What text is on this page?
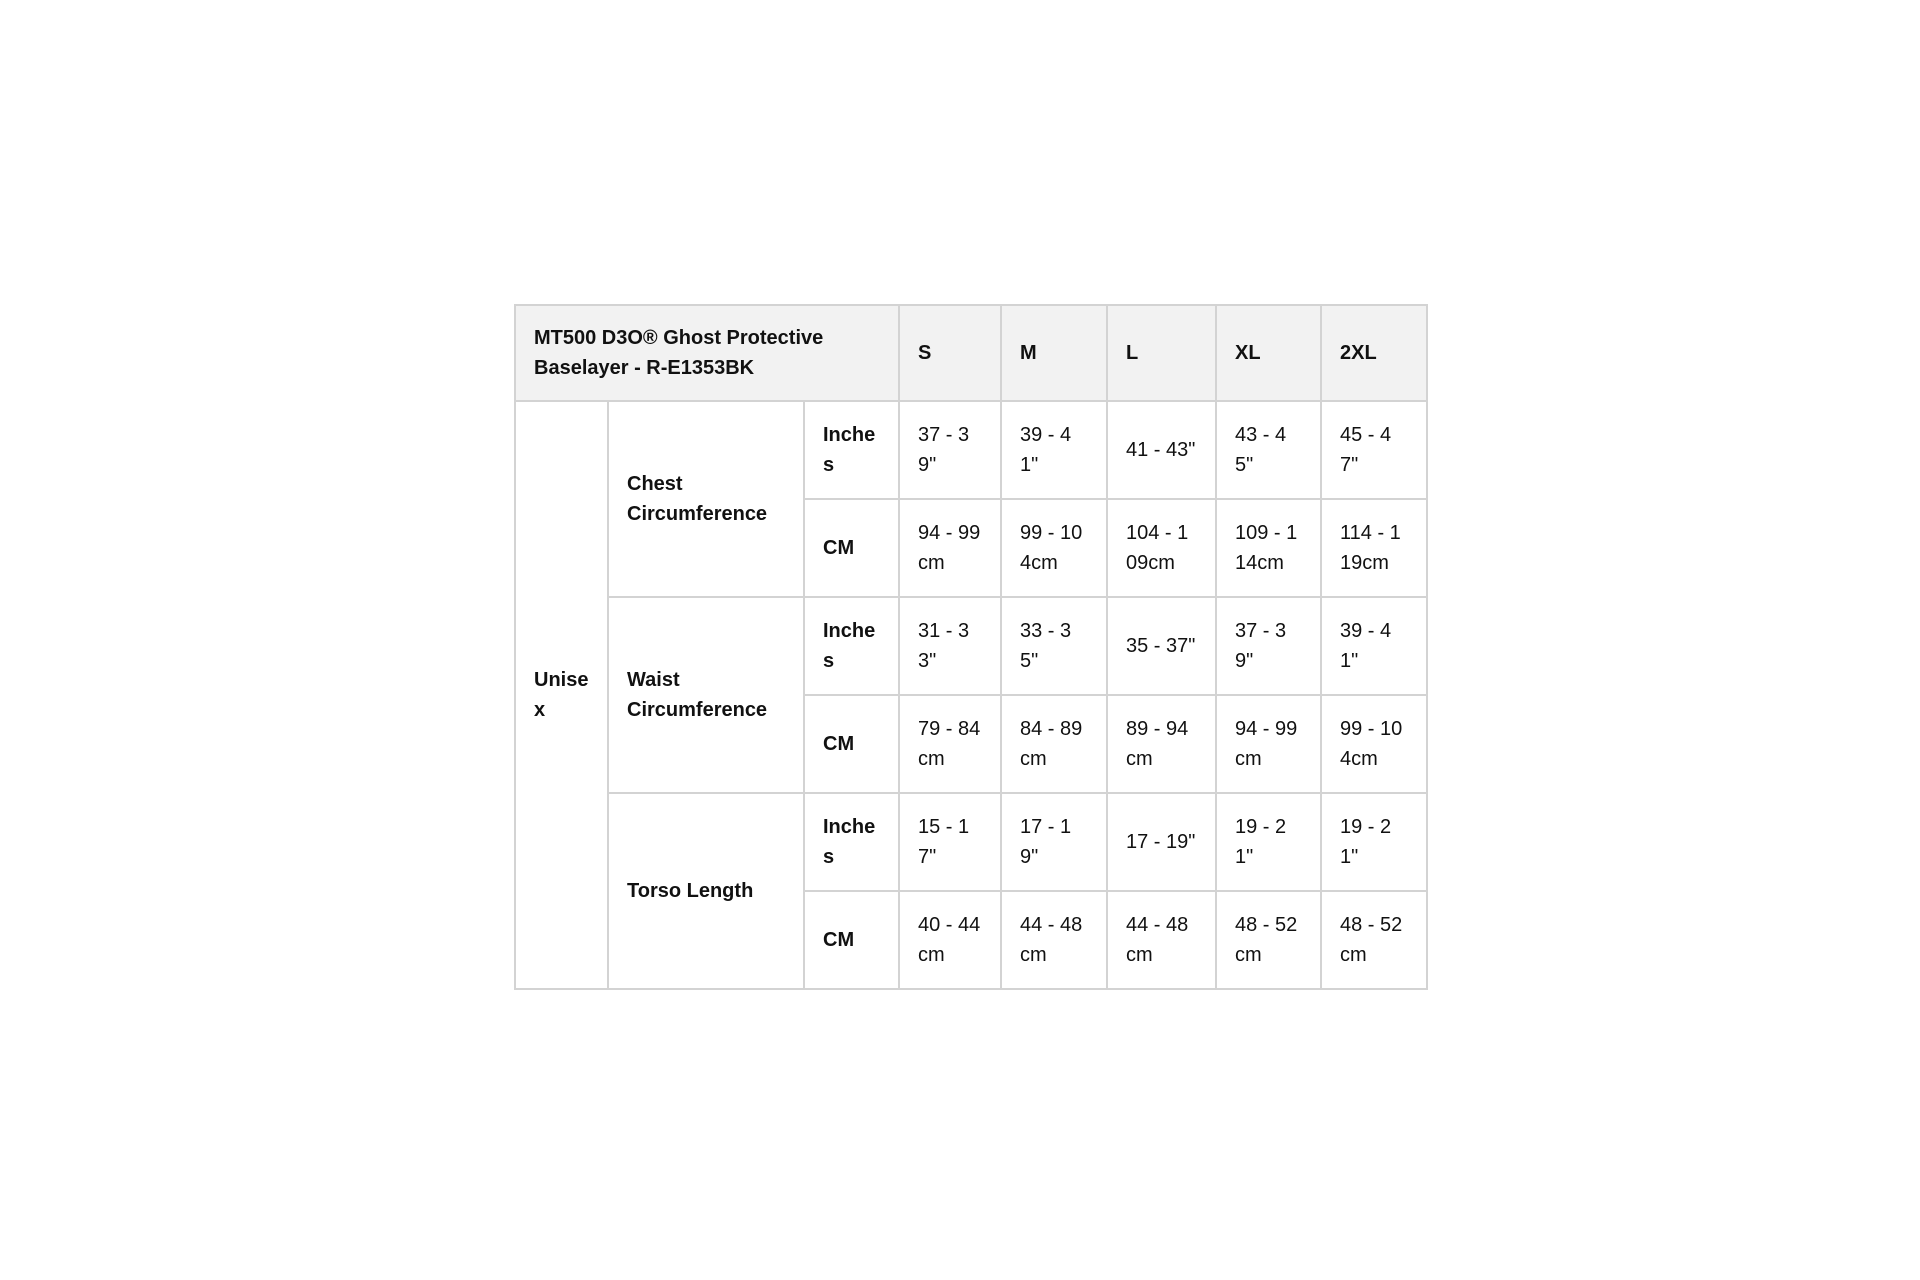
MT500 D3O® Ghost Protective Baselayer - R-E1353BK			S	M	L	XL	2XL
Unisex	Chest Circumference	Inches	37 - 39"	39 - 41"	41 - 43"	43 - 45"	45 - 47"
		CM	94 - 99cm	99 - 104cm	104 - 109cm	109 - 114cm	114 - 119cm
	Waist Circumference	Inches	31 - 33"	33 - 35"	35 - 37"	37 - 39"	39 - 41"
		CM	79 - 84cm	84 - 89cm	89 - 94cm	94 - 99cm	99 - 104cm
	Torso Length	Inches	15 - 17"	17 - 19"	17 - 19"	19 - 21"	19 - 21"
		CM	40 - 44cm	44 - 48cm	44 - 48cm	48 - 52cm	48 - 52cm
